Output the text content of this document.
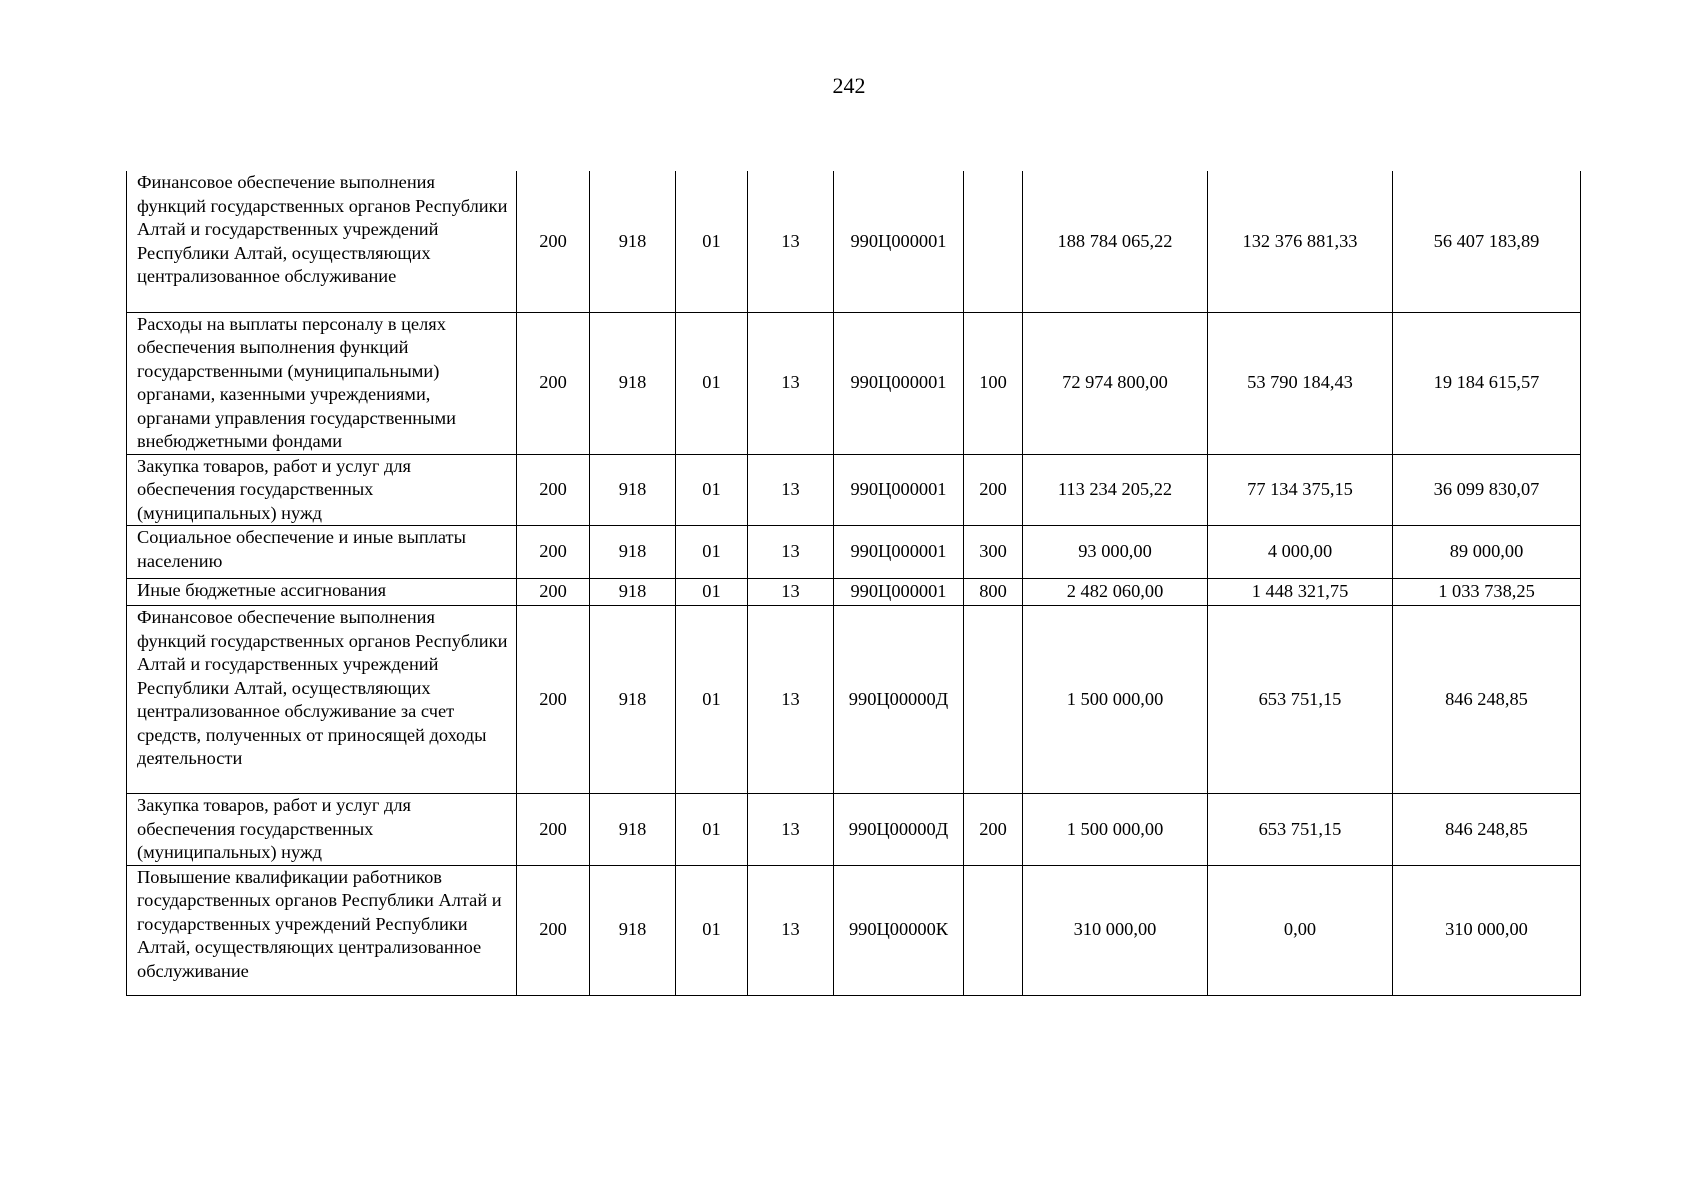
242
Финансовое обеспечение выполнения функций государственных органов Республики Алтай и государственных учреждений Республики Алтай, осуществляющих централизованное обслуживание	200	918	01	13	990Ц000001		188 784 065,22	132 376 881,33	56 407 183,89
Расходы на выплаты персоналу в целях обеспечения выполнения функций государственными (муниципальными) органами, казенными учреждениями, органами управления государственными внебюджетными фондами	200	918	01	13	990Ц000001	100	72 974 800,00	53 790 184,43	19 184 615,57
Закупка товаров, работ и услуг для обеспечения государственных (муниципальных) нужд	200	918	01	13	990Ц000001	200	113 234 205,22	77 134 375,15	36 099 830,07
Социальное обеспечение и иные выплаты населению	200	918	01	13	990Ц000001	300	93 000,00	4 000,00	89 000,00
Иные бюджетные ассигнования	200	918	01	13	990Ц000001	800	2 482 060,00	1 448 321,75	1 033 738,25
Финансовое обеспечение выполнения функций государственных органов Республики Алтай и государственных учреждений Республики Алтай, осуществляющих централизованное обслуживание за счет средств, полученных от приносящей доходы деятельности	200	918	01	13	990Ц00000Д		1 500 000,00	653 751,15	846 248,85
Закупка товаров, работ и услуг для обеспечения государственных (муниципальных) нужд	200	918	01	13	990Ц00000Д	200	1 500 000,00	653 751,15	846 248,85
Повышение квалификации работников государственных органов Республики Алтай и государственных учреждений Республики Алтай, осуществляющих централизованное обслуживание	200	918	01	13	990Ц00000К		310 000,00	0,00	310 000,00
